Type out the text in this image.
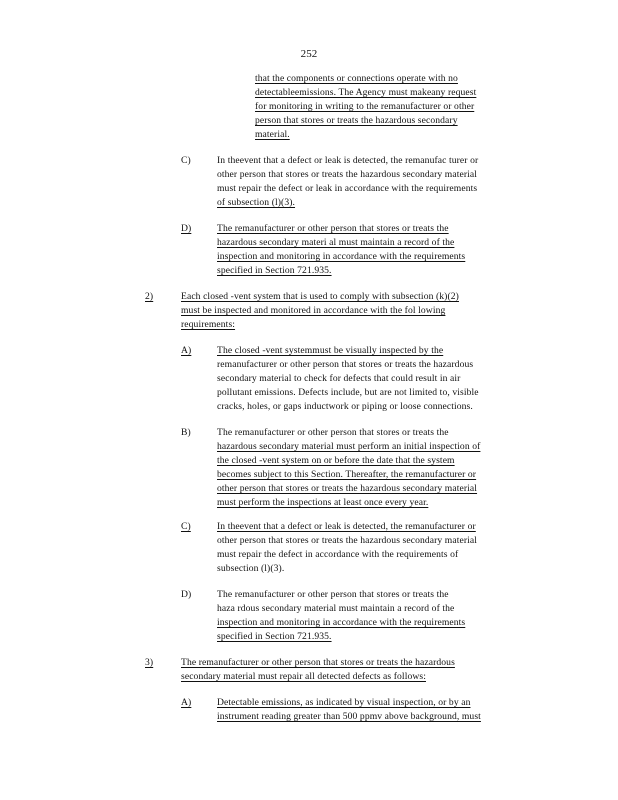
252
that the components or connections operate with no
detectableemissions. The Agency must makeany request
for monitoring in writing to the remanufacturer or other
person that stores or treats the hazardous secondary
material.
C)	In theevent that a defect or leak is detected, the remanufac turer or
other person that stores or treats the hazardous secondary material
must repair the defect or leak in accordance with the requirements
of subsection (l)(3).
D)	The remanufacturer or other person that stores or treats the
hazardous secondary materi al must maintain a record of the
inspection and monitoring in accordance with the requirements
specified in Section 721.935.
2)	Each closed -vent system that is used to comply with subsection (k)(2)
must be inspected and monitored in accordance with the fol lowing
requirements:
A)	The closed -vent systemmust be visually inspected by the
remanufacturer or other person that stores or treats the hazardous
secondary material to check for defects that could result in air
pollutant emissions. Defects include, but are not limited to, visible
cracks, holes, or gaps inductwork or piping or loose connections.
B)	The remanufacturer or other person that stores or treats the
hazardous secondary material must perform an initial inspection of
the closed -vent system on or before the date that the system
becomes subject to this Section. Thereafter, the remanufacturer or
other person that stores or treats the hazardous secondary material
must perform the inspections at least once every year.
C)	In theevent that a defect or leak is detected, the remanufacturer or
other person that stores or treats the hazardous secondary material
must repair the defect in accordance with the requirements of
subsection (l)(3).
D)	The remanufacturer or other person that stores or treats the
haza rdous secondary material must maintain a record of the
inspection and monitoring in accordance with the requirements
specified in Section 721.935.
3)	The remanufacturer or other person that stores or treats the hazardous
secondary material must repair all detected defects as follows:
A)	Detectable emissions, as indicated by visual inspection, or by an
instrument reading greater than 500 ppmv above background, must
